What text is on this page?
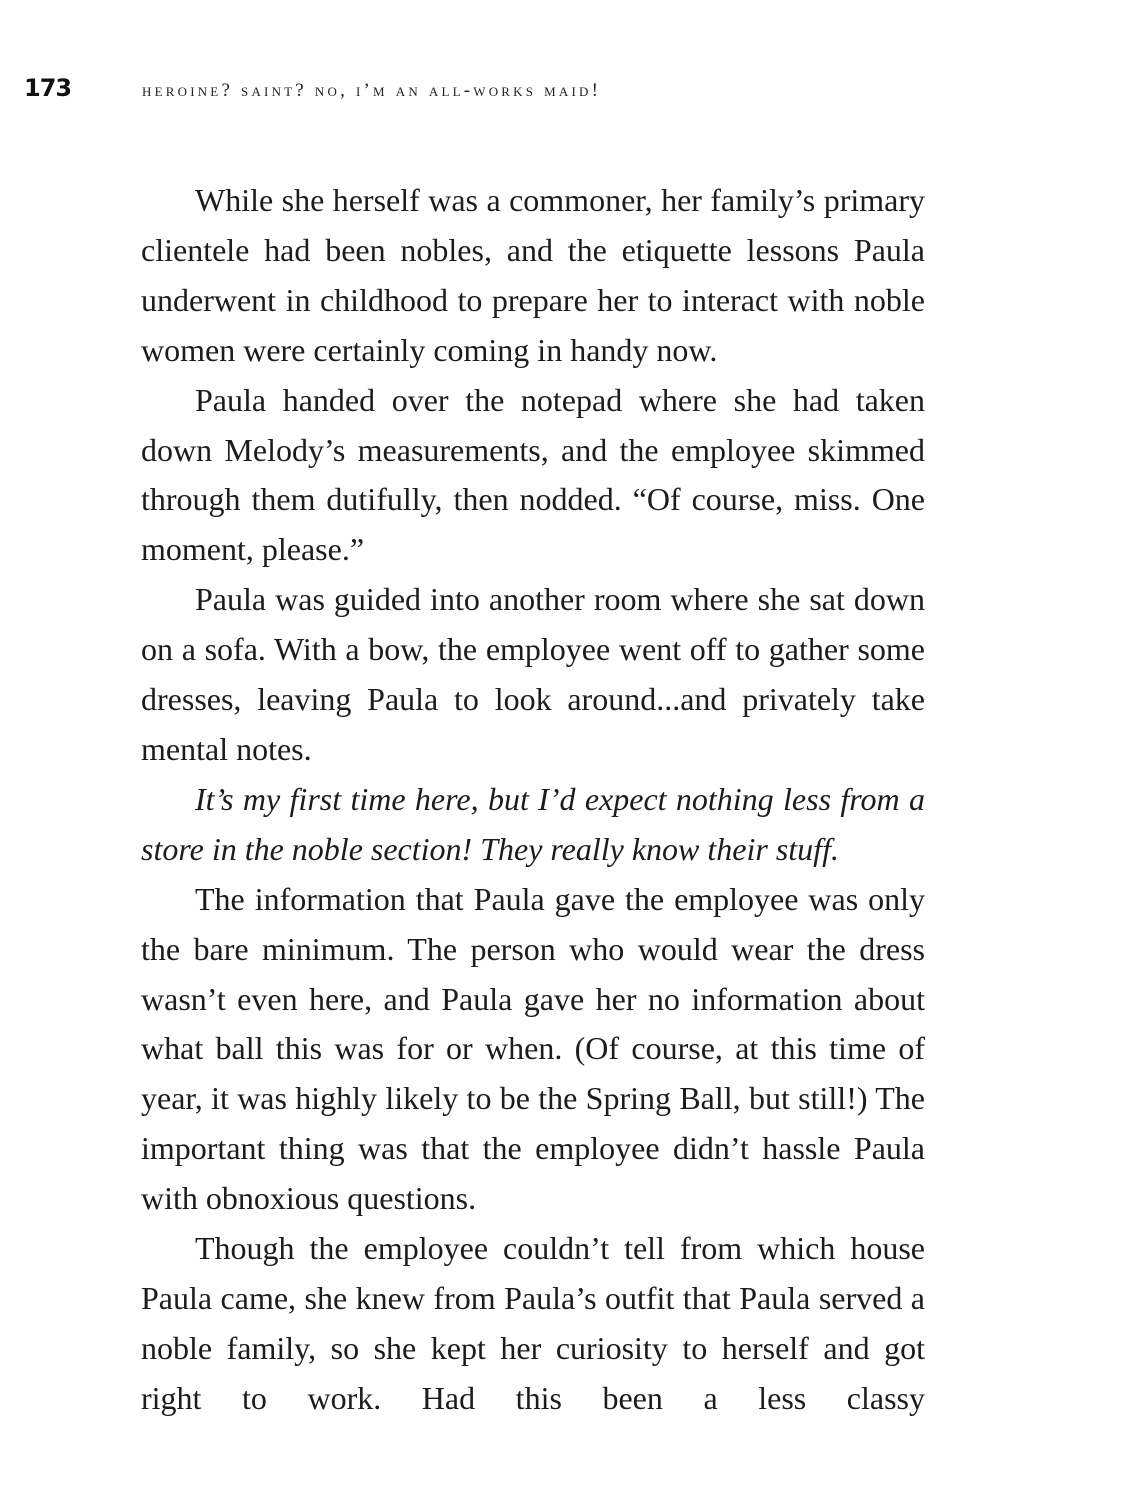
173	heroine? saint? no, i’m an all-works maid!

While she herself was a commoner, her family’s primary clientele had been nobles, and the etiquette lessons Paula underwent in childhood to prepare her to interact with noble women were certainly coming in handy now.

Paula handed over the notepad where she had taken down Melody’s measurements, and the employee skimmed through them dutifully, then nodded. “Of course, miss. One moment, please.”

Paula was guided into another room where she sat down on a sofa. With a bow, the employee went off to gather some dresses, leaving Paula to look around...and privately take mental notes.

It’s my first time here, but I’d expect nothing less from a store in the noble section! They really know their stuff.

The information that Paula gave the employee was only the bare minimum. The person who would wear the dress wasn’t even here, and Paula gave her no information about what ball this was for or when. (Of course, at this time of year, it was highly likely to be the Spring Ball, but still!) The important thing was that the employee didn’t hassle Paula with obnoxious questions.

Though the employee couldn’t tell from which house Paula came, she knew from Paula’s outfit that Paula served a noble family, so she kept her curiosity to herself and got right to work. Had this been a less classy
